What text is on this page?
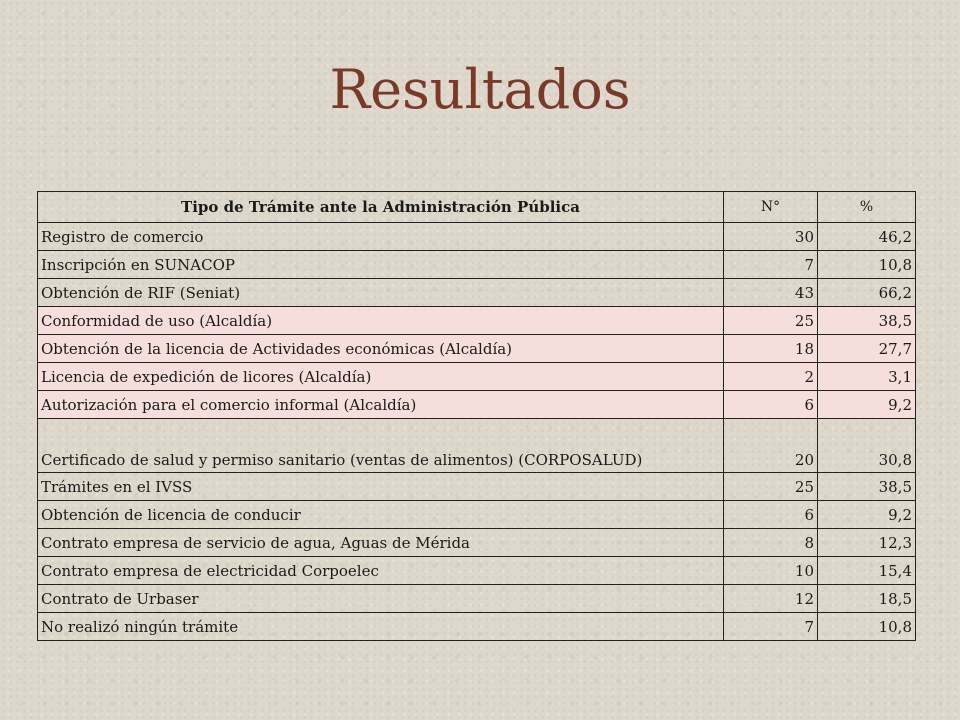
Resultados
Tipo de Trámite ante la Administración Pública	N°	%
Registro de comercio	30	46,2
Inscripción en SUNACOP	7	10,8
Obtención de RIF (Seniat)	43	66,2
Conformidad de uso (Alcaldía)	25	38,5
Obtención de la licencia de Actividades económicas (Alcaldía)	18	27,7
Licencia de expedición de licores (Alcaldía)	2	3,1
Autorización para el comercio informal (Alcaldía)	6	9,2
Certificado de salud y permiso sanitario (ventas de alimentos) (CORPOSALUD)	20	30,8
Trámites en el IVSS	25	38,5
Obtención de licencia de conducir	6	9,2
Contrato empresa de servicio de agua, Aguas de Mérida	8	12,3
Contrato empresa de electricidad Corpoelec	10	15,4
Contrato de Urbaser	12	18,5
No realizó ningún trámite	7	10,8
